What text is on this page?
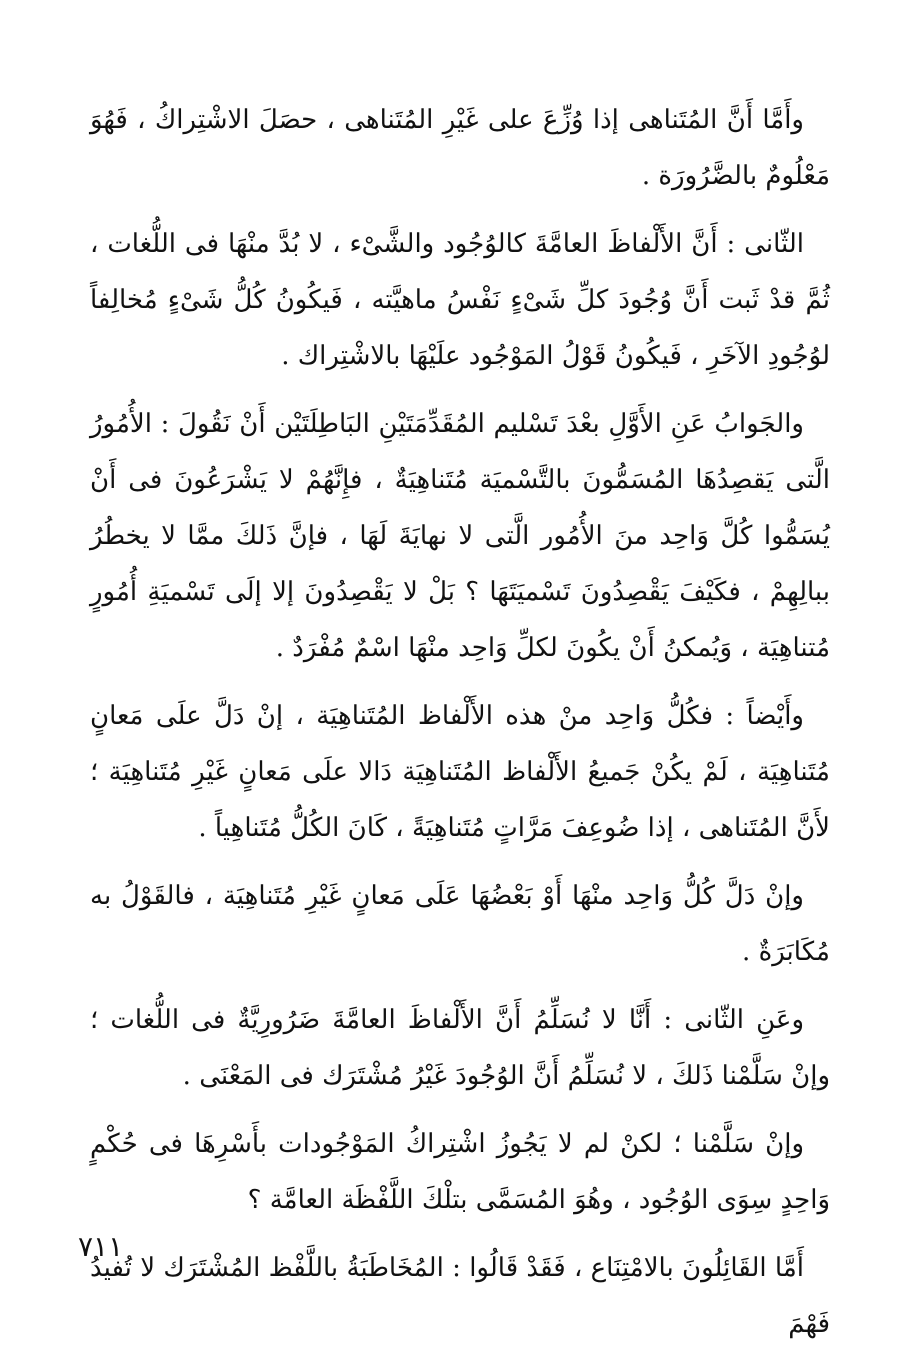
وأَمَّا أَنَّ المُتَناهى إذا وُزِّعَ على غَيْرِ المُتَناهى ، حصَلَ الاشْتِراكُ ، فَهُوَ مَعْلُومٌ بالضَّرُورَة .

الثّانى : أَنَّ الأَلْفاظَ العامَّةَ كالوُجُود والشَّىْء ، لا بُدَّ منْهَا فى اللُّغات ، ثُمَّ قدْ ثَبت أَنَّ وُجُودَ كلِّ شَىْءٍ نَفْسُ ماهيَّته ، فَيكُونُ كُلُّ شَىْءٍ مُخالِفاً لوُجُودِ الآخَرِ ، فَيكُونُ قَوْلُ المَوْجُود علَيْهَا بالاشْتِراك .

والجَوابُ عَنِ الأَوَّلِ بعْدَ تَسْليم المُقَدِّمَتَيْنِ البَاطِلَتَيْن أَنْ نَقُولَ : الأُمُورُ الَّتى يَقصِدُهَا المُسَمُّونَ بالتَّسْميَة مُتَناهِيَةٌ ، فإِنَّهُمْ لا يَشْرَعُونَ فى أَنْ يُسَمُّوا كُلَّ وَاحِد منَ الأُمُور الَّتى لا نهايَةَ لَهَا ، فإنَّ ذَلكَ ممَّا لا يخطُرُ ببالِهِمْ ، فكَيْفَ يَقْصِدُونَ تَسْميَتَهَا ؟ بَلْ لا يَقْصِدُونَ إلا إلَى تَسْميَةِ أُمُورٍ مُتناهِيَة ، وَيُمكنُ أَنْ يكُونَ لكلِّ وَاحِد منْهَا اسْمٌ مُفْرَدٌ .

وأَيْضاً : فكُلُّ وَاحِد منْ هذه الأَلْفاظ المُتَناهِيَة ، إنْ دَلَّ علَى مَعانٍ مُتَناهِيَة ، لَمْ يكُنْ جَميعُ الأَلْفاظ المُتَناهِيَة دَالا علَى مَعانٍ غَيْرِ مُتَناهِيَة ؛ لأَنَّ المُتَناهى ، إذا ضُوعِفَ مَرَّاتٍ مُتَناهِيَةً ، كَانَ الكُلُّ مُتَناهِياً .

وإنْ دَلَّ كُلُّ وَاحِد منْهَا أَوْ بَعْضُهَا عَلَى مَعانٍ غَيْرِ مُتَناهِيَة ، فالقَوْلُ به مُكَابَرَةٌ .

وعَنِ الثّانى : أَنَّا لا نُسَلِّمُ أَنَّ الأَلْفاظَ العامَّةَ ضَرُورِيَّةٌ فى اللُّغات ؛ وإنْ سَلَّمْنا ذَلكَ ، لا نُسَلِّمُ أَنَّ الوُجُودَ غَيْرُ مُشْتَرَك فى المَعْنَى .

وإنْ سَلَّمْنا ؛ لكنْ لم لا يَجُوزُ اشْتِراكُ المَوْجُودات بأَسْرِهَا فى حُكْمٍ وَاحِدٍ سِوَى الوُجُود ، وهُوَ المُسَمَّى بتلْكَ اللَّفْظَة العامَّة ؟

أَمَّا القَائِلُونَ بالامْتِنَاع ، فَقَدْ قَالُوا : المُخَاطَبَةُ باللَّفْظ المُشْتَرَك لا تُفيدُ فَهْمَ

٧١١
